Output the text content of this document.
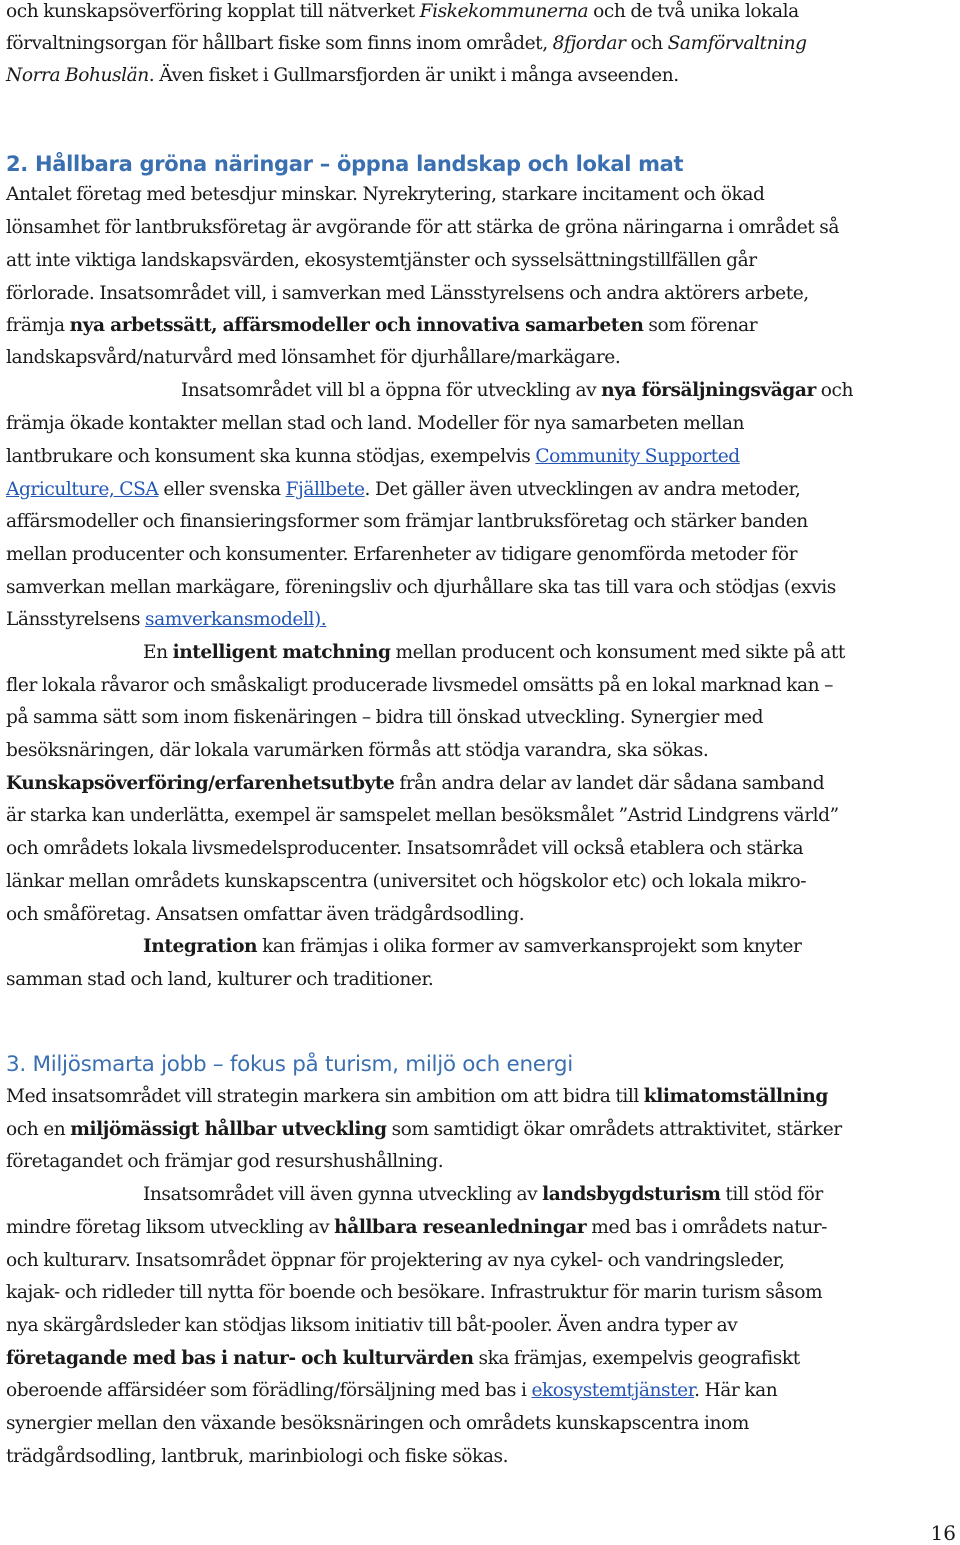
och kunskapsöverföring kopplat till nätverket Fiskekommunerna och de två unika lokala
förvaltningsorgan för hållbart fiske som finns inom området, 8fjordar och Samförvaltning
Norra Bohuslän. Även fisket i Gullmarsfjorden är unikt i många avseenden.
2. Hållbara gröna näringar – öppna landskap och lokal mat
Antalet företag med betesdjur minskar. Nyrekrytering, starkare incitament och ökad
lönsamhet för lantbruksföretag är avgörande för att stärka de gröna näringarna i området så
att inte viktiga landskapsvärden, ekosystemtjänster och sysselsättningstillfällen går
förlorade. Insatsområdet vill, i samverkan med Länsstyrelsens och andra aktörers arbete,
främja nya arbetssätt, affärsmodeller och innovativa samarbeten som förenar
landskapsvård/naturvård med lönsamhet för djurhållare/markägare.
Insatsområdet vill bl a öppna för utveckling av nya försäljningsvägar och
främja ökade kontakter mellan stad och land. Modeller för nya samarbeten mellan
lantbrukare och konsument ska kunna stödjas, exempelvis Community Supported
Agriculture, CSA eller svenska Fjällbete. Det gäller även utvecklingen av andra metoder,
affärsmodeller och finansieringsformer som främjar lantbruksföretag och stärker banden
mellan producenter och konsumenter. Erfarenheter av tidigare genomförda metoder för
samverkan mellan markägare, föreningsliv och djurhållare ska tas till vara och stödjas (exvis
Länsstyrelsens samverkansmodell).
En intelligent matchning mellan producent och konsument med sikte på att
fler lokala råvaror och småskaligt producerade livsmedel omsätts på en lokal marknad kan –
på samma sätt som inom fiskenäringen – bidra till önskad utveckling. Synergier med
besöksnäringen, där lokala varumärken förmås att stödja varandra, ska sökas.
Kunskapsöverföring/erfarenhetsutbyte från andra delar av landet där sådana samband
är starka kan underlätta, exempel är samspelet mellan besöksmålet ”Astrid Lindgrens värld”
och områdets lokala livsmedelsproducenter. Insatsområdet vill också etablera och stärka
länkar mellan områdets kunskapscentra (universitet och högskolor etc) och lokala mikro-
och småföretag. Ansatsen omfattar även trädgårdsodling.
Integration kan främjas i olika former av samverkansprojekt som knyter
samman stad och land, kulturer och traditioner.
3. Miljösmarta jobb – fokus på turism, miljö och energi
Med insatsområdet vill strategin markera sin ambition om att bidra till klimatomställning
och en miljömässigt hållbar utveckling som samtidigt ökar områdets attraktivitet, stärker
företagandet och främjar god resurshushållning.
Insatsområdet vill även gynna utveckling av landsbygdsturism till stöd för
mindre företag liksom utveckling av hållbara reseanledningar med bas i områdets natur-
och kulturarv. Insatsområdet öppnar för projektering av nya cykel- och vandringsleder,
kajak- och ridleder till nytta för boende och besökare. Infrastruktur för marin turism såsom
nya skärgårdsleder kan stödjas liksom initiativ till båt-pooler. Även andra typer av
företagande med bas i natur- och kulturvärden ska främjas, exempelvis geografiskt
oberoende affärsidéer som förädling/försäljning med bas i ekosystemtjänster. Här kan
synergier mellan den växande besöksnäringen och områdets kunskapscentra inom
trädgårdsodling, lantbruk, marinbiologi och fiske sökas.
16
